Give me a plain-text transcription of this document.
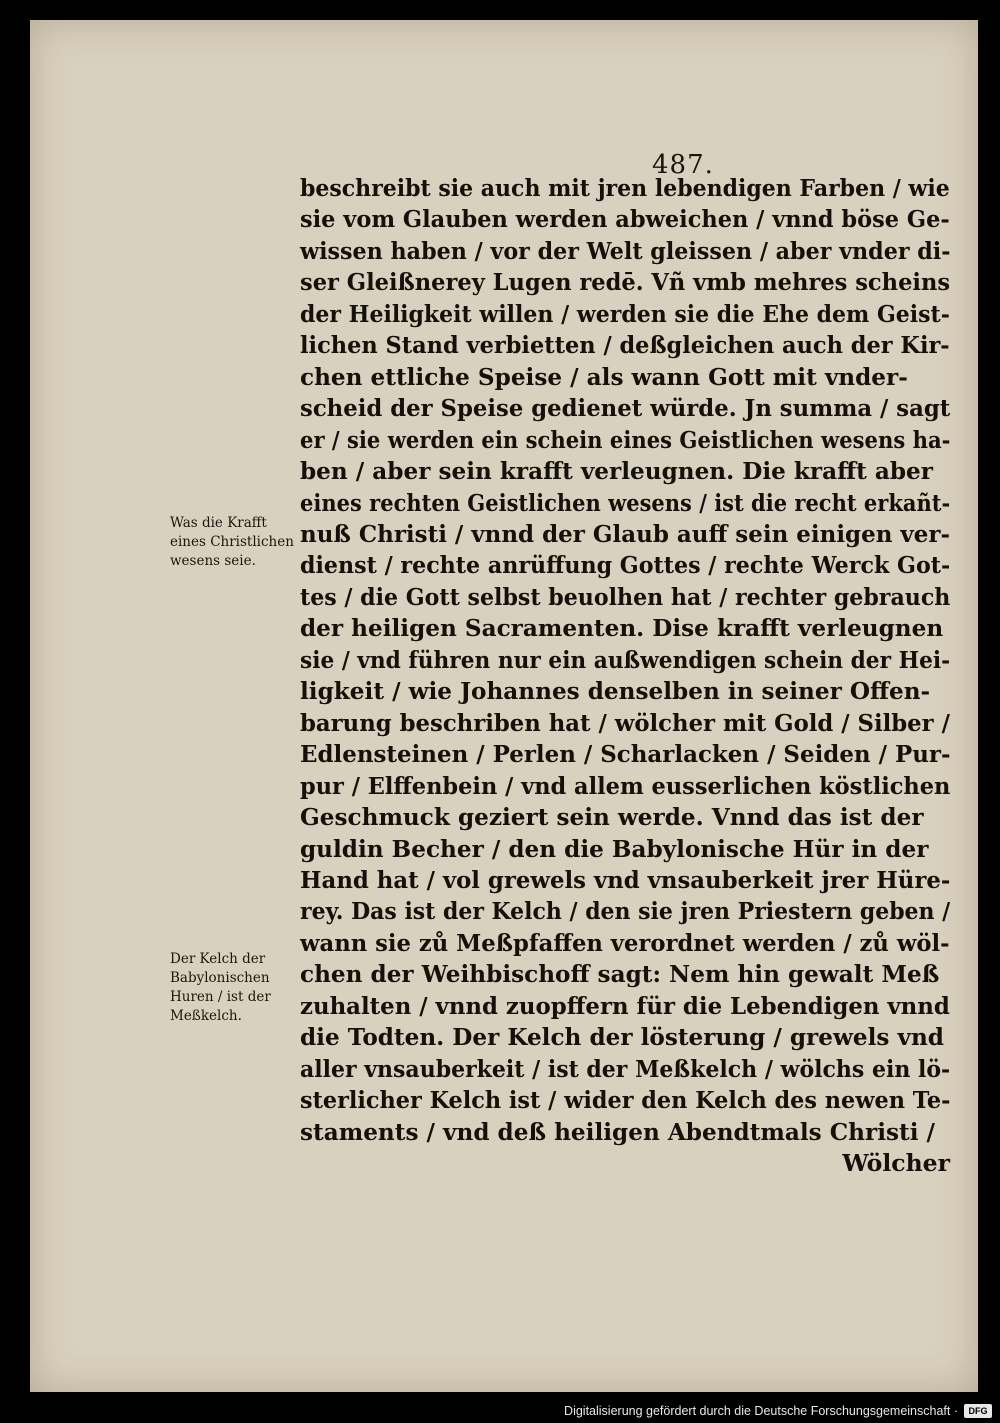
487.
Was die Krafft
eines Christlichen
wesens seie.
Der Kelch der
Babylonischen
Huren / ist der
Meßkelch.
beschreibt sie auch mit jren lebendigen Farben / wie
sie vom Glauben werden abweichen / vnnd böse Ge-
wissen haben / vor der Welt gleissen / aber vnder di-
ser Gleißnerey Lugen redē. Vñ vmb mehres scheins
der Heiligkeit willen / werden sie die Ehe dem Geist-
lichen Stand verbietten / deßgleichen auch der Kir-
chen ettliche Speise / als wann Gott mit vnder-
scheid der Speise gedienet würde. Jn summa / sagt
er / sie werden ein schein eines Geistlichen wesens ha-
ben / aber sein krafft verleugnen. Die krafft aber
eines rechten Geistlichen wesens / ist die recht erkañt-
nuß Christi / vnnd der Glaub auff sein einigen ver-
dienst / rechte anrüffung Gottes / rechte Werck Got-
tes / die Gott selbst beuolhen hat / rechter gebrauch
der heiligen Sacramenten. Dise krafft verleugnen
sie / vnd führen nur ein außwendigen schein der Hei-
ligkeit / wie Johannes denselben in seiner Offen-
barung beschriben hat / wölcher mit Gold / Silber /
Edlensteinen / Perlen / Scharlacken / Seiden / Pur-
pur / Elffenbein / vnd allem eusserlichen köstlichen
Geschmuck geziert sein werde. Vnnd das ist der
guldin Becher / den die Babylonische Hür in der
Hand hat / vol grewels vnd vnsauberkeit jrer Hüre-
rey. Das ist der Kelch / den sie jren Priestern geben /
wann sie zů Meßpfaffen verordnet werden / zů wöl-
chen der Weihbischoff sagt: Nem hin gewalt Meß
zuhalten / vnnd zuopffern für die Lebendigen vnnd
die Todten. Der Kelch der lösterung / grewels vnd
aller vnsauberkeit / ist der Meßkelch / wölchs ein lö-
sterlicher Kelch ist / wider den Kelch des newen Te-
staments / vnd deß heiligen Abendtmals Christi /
Wölcher
Digitalisierung gefördert durch die Deutsche Forschungsgemeinschaft ·	DFG
